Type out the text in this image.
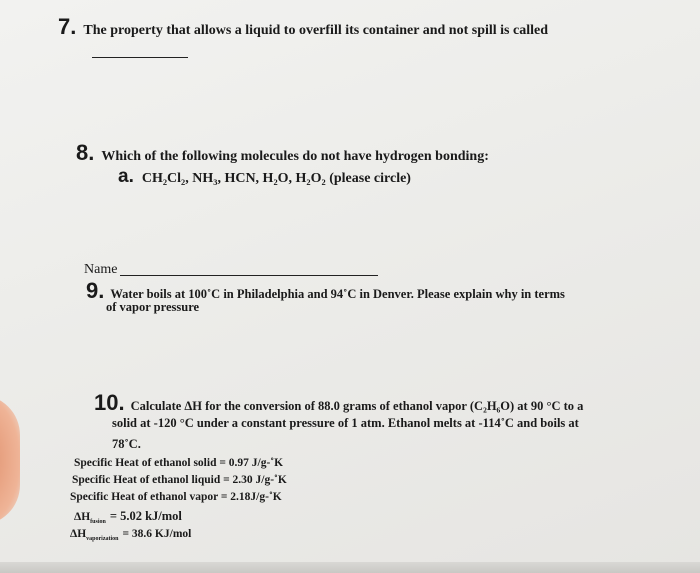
7. The property that allows a liquid to overfill its container and not spill is called
8. Which of the following molecules do not have hydrogen bonding:
a. CH₂Cl₂, NH₃, HCN, H₂O, H₂O₂ (please circle)
Name
9. Water boils at 100˚C in Philadelphia and 94˚C in Denver. Please explain why in terms
of vapor pressure
10. Calculate ΔH for the conversion of 88.0 grams of ethanol vapor (C₂H₆O) at 90 °C to a
solid at -120 °C under a constant pressure of 1 atm. Ethanol melts at -114˚C and boils at
78˚C.
Specific Heat of ethanol solid = 0.97 J/g-˚K
Specific Heat of ethanol liquid = 2.30 J/g-˚K
Specific Heat of ethanol vapor = 2.18J/g-˚K
ΔHfusion = 5.02 kJ/mol
ΔHvaporization = 38.6 KJ/mol
